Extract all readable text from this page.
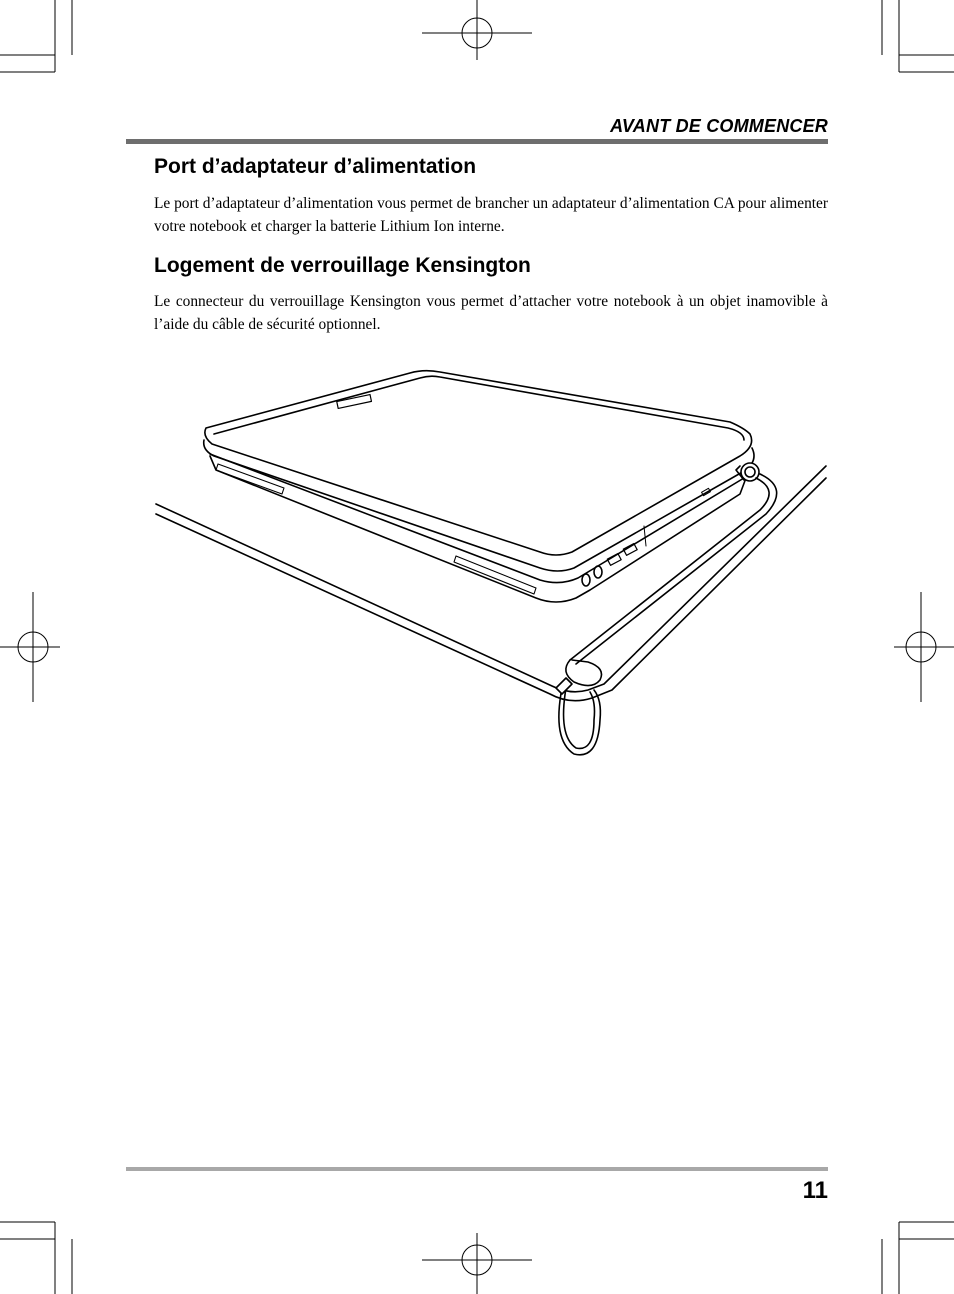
AVANT DE COMMENCER
Port d’adaptateur d’alimentation

Le port d’adaptateur d’alimentation vous permet de brancher un adaptateur d’alimentation CA pour alimenter votre notebook et charger la batterie Lithium Ion interne.

Logement de verrouillage Kensington

Le connecteur du verrouillage Kensington vous permet d’attacher votre notebook à un objet inamovible à l’aide du câble de sécurité optionnel.

11
